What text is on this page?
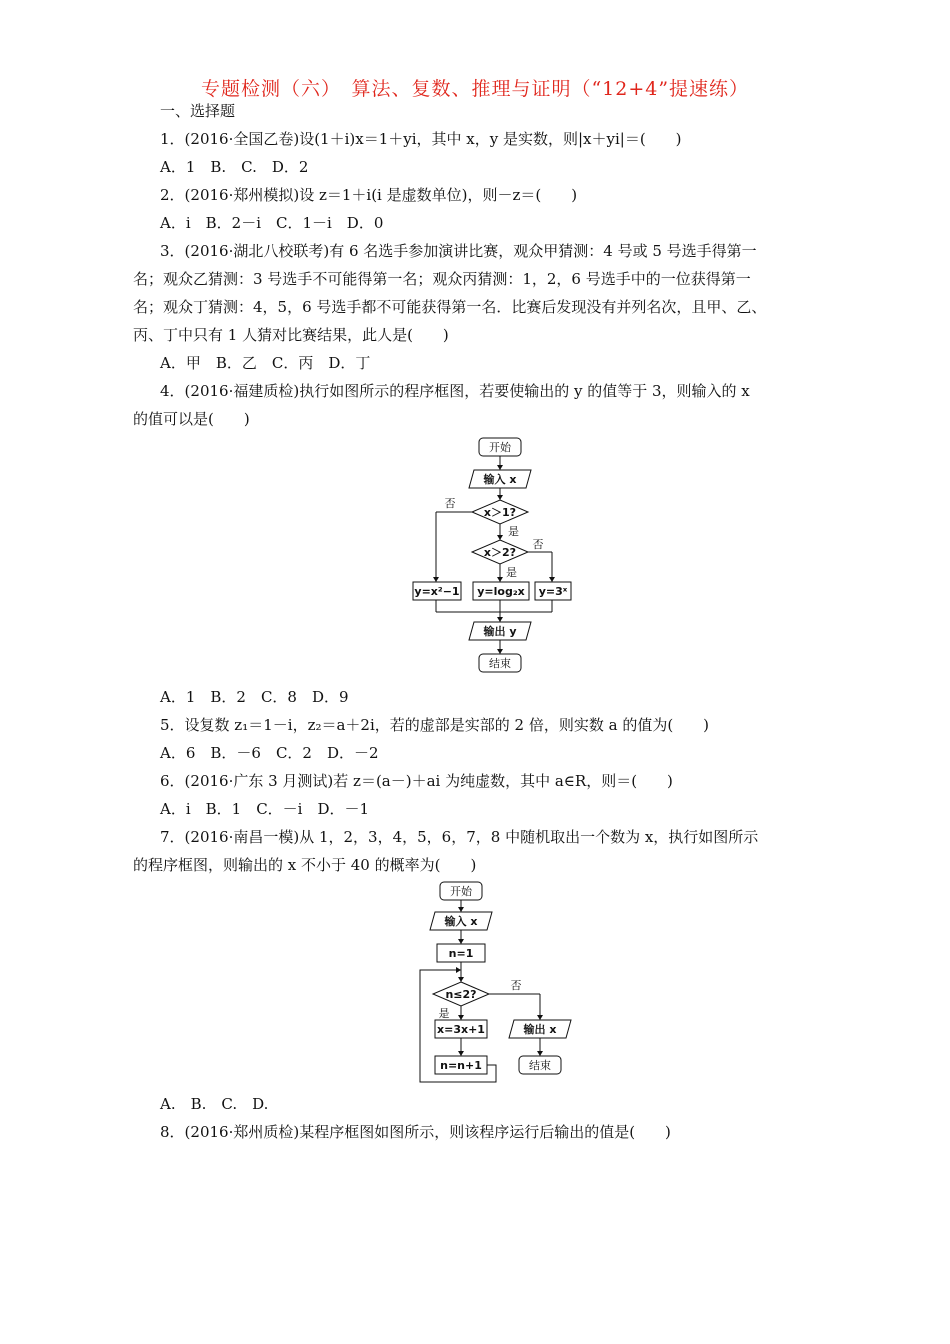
专题检测（六）　算法、复数、推理与证明（“12+4”提速练）
一、选择题
1．(2016·全国乙卷)设(1＋i)x＝1＋yi，其中 x，y 是实数，则|x＋yi|＝(　　)
A．1　B.　C.　D．2
2．(2016·郑州模拟)设 z＝1＋i(i 是虚数单位)，则－z＝(　　)
A．i　B．2－i　C．1－i　D．0
3．(2016·湖北八校联考)有 6 名选手参加演讲比赛，观众甲猜测：4 号或 5 号选手得第一
名；观众乙猜测：3 号选手不可能得第一名；观众丙猜测：1，2，6 号选手中的一位获得第一
名；观众丁猜测：4，5，6 号选手都不可能获得第一名．比赛后发现没有并列名次，且甲、乙、
丙、丁中只有 1 人猜对比赛结果，此人是(　　)
A．甲　B．乙　C．丙　D．丁
4．(2016·福建质检)执行如图所示的程序框图，若要使输出的 y 的值等于 3，则输入的 x
的值可以是(　　)
开始
输入 x
x＞1?
否
是
x＞2?
否
是
y=x²−1 y=log₂x y=3ˣ
输出 y
结束
A．1　B．2　C．8　D．9
5．设复数 z₁＝1－i，z₂＝a＋2i，若的虚部是实部的 2 倍，则实数 a 的值为(　　)
A．6　B．－6　C．2　D．－2
6．(2016·广东 3 月测试)若 z＝(a－)＋ai 为纯虚数，其中 a∈R，则＝(　　)
A．i　B．1　C．－i　D．－1
7．(2016·南昌一模)从 1，2，3，4，5，6，7，8 中随机取出一个数为 x，执行如图所示
的程序框图，则输出的 x 不小于 40 的概率为(　　)
开始
输入 x
n=1
n≤2?
否
是
x=3x+1
n=n+1
输出 x
结束
A.　B.　C.　D.
8．(2016·郑州质检)某程序框图如图所示，则该程序运行后输出的值是(　　)
